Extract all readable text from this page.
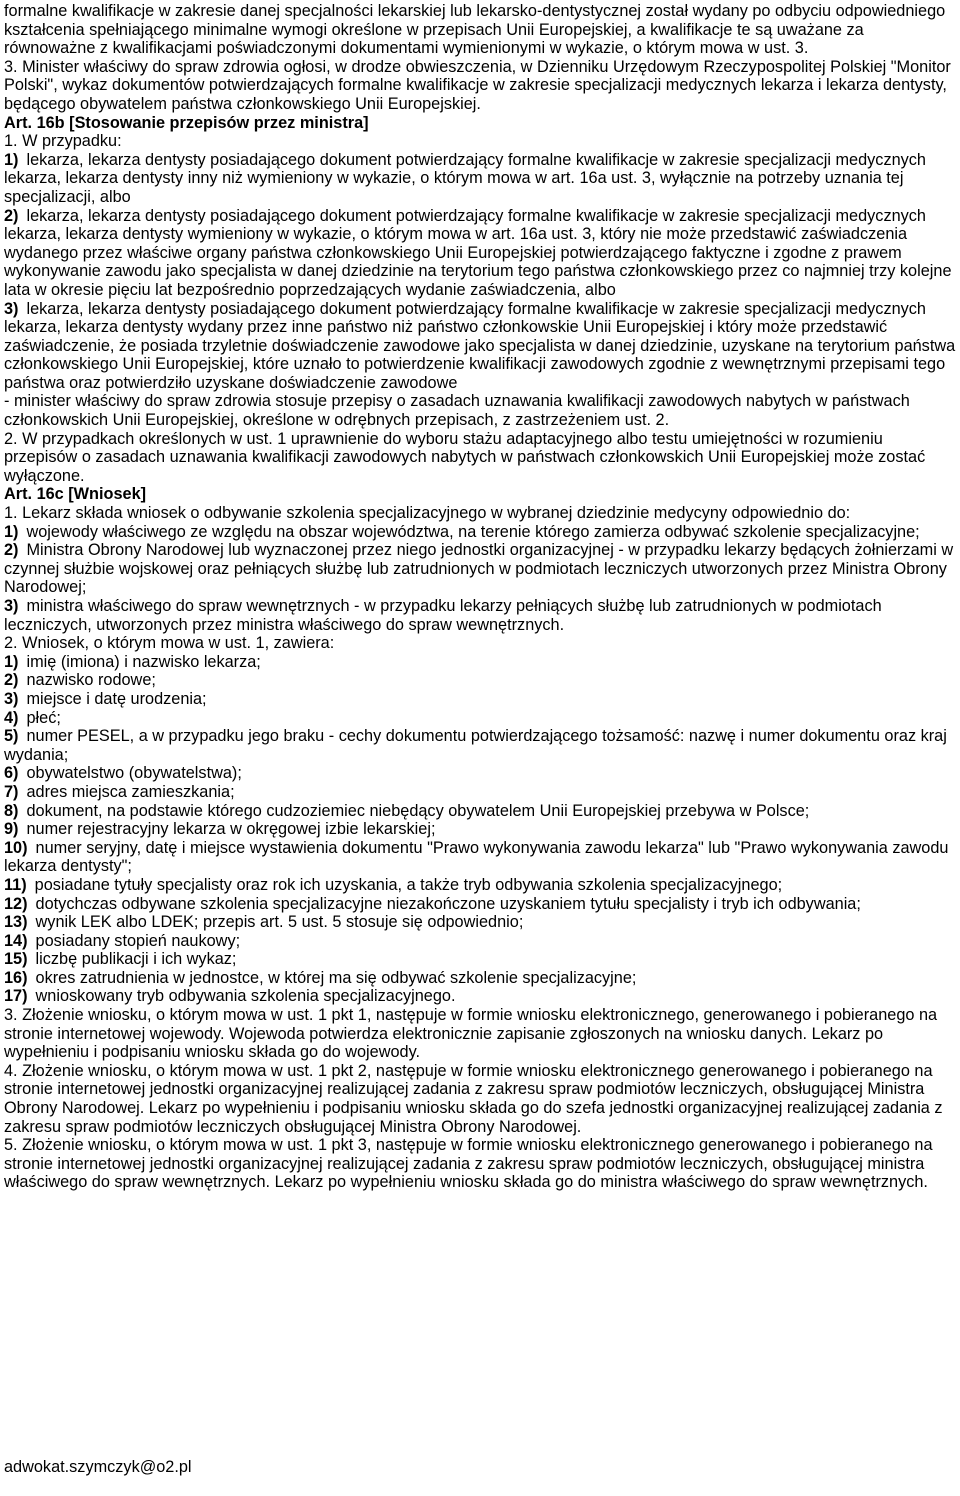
formalne kwalifikacje w zakresie danej specjalności lekarskiej lub lekarsko-dentystycznej został wydany po odbyciu odpowiedniego kształcenia spełniającego minimalne wymogi określone w przepisach Unii Europejskiej, a kwalifikacje te są uważane za równoważne z kwalifikacjami poświadczonymi dokumentami wymienionymi w wykazie, o którym mowa w ust. 3.

3. Minister właściwy do spraw zdrowia ogłosi, w drodze obwieszczenia, w Dzienniku Urzędowym Rzeczypospolitej Polskiej "Monitor Polski", wykaz dokumentów potwierdzających formalne kwalifikacje w zakresie specjalizacji medycznych lekarza i lekarza dentysty, będącego obywatelem państwa członkowskiego Unii Europejskiej.

Art. 16b [Stosowanie przepisów przez ministra]

1. W przypadku:

1) lekarza, lekarza dentysty posiadającego dokument potwierdzający formalne kwalifikacje w zakresie specjalizacji medycznych lekarza, lekarza dentysty inny niż wymieniony w wykazie, o którym mowa w art. 16a ust. 3, wyłącznie na potrzeby uznania tej specjalizacji, albo

2) lekarza, lekarza dentysty posiadającego dokument potwierdzający formalne kwalifikacje w zakresie specjalizacji medycznych lekarza, lekarza dentysty wymieniony w wykazie, o którym mowa w art. 16a ust. 3, który nie może przedstawić zaświadczenia wydanego przez właściwe organy państwa członkowskiego Unii Europejskiej potwierdzającego faktyczne i zgodne z prawem wykonywanie zawodu jako specjalista w danej dziedzinie na terytorium tego państwa członkowskiego przez co najmniej trzy kolejne lata w okresie pięciu lat bezpośrednio poprzedzających wydanie zaświadczenia, albo

3) lekarza, lekarza dentysty posiadającego dokument potwierdzający formalne kwalifikacje w zakresie specjalizacji medycznych lekarza, lekarza dentysty wydany przez inne państwo niż państwo członkowskie Unii Europejskiej i który może przedstawić zaświadczenie, że posiada trzyletnie doświadczenie zawodowe jako specjalista w danej dziedzinie, uzyskane na terytorium państwa członkowskiego Unii Europejskiej, które uznało to potwierdzenie kwalifikacji zawodowych zgodnie z wewnętrznymi przepisami tego państwa oraz potwierdziło uzyskane doświadczenie zawodowe

- minister właściwy do spraw zdrowia stosuje przepisy o zasadach uznawania kwalifikacji zawodowych nabytych w państwach członkowskich Unii Europejskiej, określone w odrębnych przepisach, z zastrzeżeniem ust. 2.

2. W przypadkach określonych w ust. 1 uprawnienie do wyboru stażu adaptacyjnego albo testu umiejętności w rozumieniu przepisów o zasadach uznawania kwalifikacji zawodowych nabytych w państwach członkowskich Unii Europejskiej może zostać wyłączone.

Art. 16c [Wniosek]

1. Lekarz składa wniosek o odbywanie szkolenia specjalizacyjnego w wybranej dziedzinie medycyny odpowiednio do:

1) wojewody właściwego ze względu na obszar województwa, na terenie którego zamierza odbywać szkolenie specjalizacyjne;

2) Ministra Obrony Narodowej lub wyznaczonej przez niego jednostki organizacyjnej - w przypadku lekarzy będących żołnierzami w czynnej służbie wojskowej oraz pełniących służbę lub zatrudnionych w podmiotach leczniczych utworzonych przez Ministra Obrony Narodowej;

3) ministra właściwego do spraw wewnętrznych - w przypadku lekarzy pełniących służbę lub zatrudnionych w podmiotach leczniczych, utworzonych przez ministra właściwego do spraw wewnętrznych.

2. Wniosek, o którym mowa w ust. 1, zawiera:

1) imię (imiona) i nazwisko lekarza;

2) nazwisko rodowe;

3) miejsce i datę urodzenia;

4) płeć;

5) numer PESEL, a w przypadku jego braku - cechy dokumentu potwierdzającego tożsamość: nazwę i numer dokumentu oraz kraj wydania;

6) obywatelstwo (obywatelstwa);

7) adres miejsca zamieszkania;

8) dokument, na podstawie którego cudzoziemiec niebędący obywatelem Unii Europejskiej przebywa w Polsce;

9) numer rejestracyjny lekarza w okręgowej izbie lekarskiej;

10) numer seryjny, datę i miejsce wystawienia dokumentu "Prawo wykonywania zawodu lekarza" lub "Prawo wykonywania zawodu lekarza dentysty";

11) posiadane tytuły specjalisty oraz rok ich uzyskania, a także tryb odbywania szkolenia specjalizacyjnego;

12) dotychczas odbywane szkolenia specjalizacyjne niezakończone uzyskaniem tytułu specjalisty i tryb ich odbywania;

13) wynik LEK albo LDEK; przepis art. 5 ust. 5 stosuje się odpowiednio;

14) posiadany stopień naukowy;

15) liczbę publikacji i ich wykaz;

16) okres zatrudnienia w jednostce, w której ma się odbywać szkolenie specjalizacyjne;

17) wnioskowany tryb odbywania szkolenia specjalizacyjnego.

3. Złożenie wniosku, o którym mowa w ust. 1 pkt 1, następuje w formie wniosku elektronicznego, generowanego i pobieranego na stronie internetowej wojewody. Wojewoda potwierdza elektronicznie zapisanie zgłoszonych na wniosku danych. Lekarz po wypełnieniu i podpisaniu wniosku składa go do wojewody.

4. Złożenie wniosku, o którym mowa w ust. 1 pkt 2, następuje w formie wniosku elektronicznego generowanego i pobieranego na stronie internetowej jednostki organizacyjnej realizującej zadania z zakresu spraw podmiotów leczniczych, obsługującej Ministra Obrony Narodowej. Lekarz po wypełnieniu i podpisaniu wniosku składa go do szefa jednostki organizacyjnej realizującej zadania z zakresu spraw podmiotów leczniczych obsługującej Ministra Obrony Narodowej.

5. Złożenie wniosku, o którym mowa w ust. 1 pkt 3, następuje w formie wniosku elektronicznego generowanego i pobieranego na stronie internetowej jednostki organizacyjnej realizującej zadania z zakresu spraw podmiotów leczniczych, obsługującej ministra właściwego do spraw wewnętrznych. Lekarz po wypełnieniu wniosku składa go do ministra właściwego do spraw wewnętrznych.

adwokat.szymczyk@o2.pl
